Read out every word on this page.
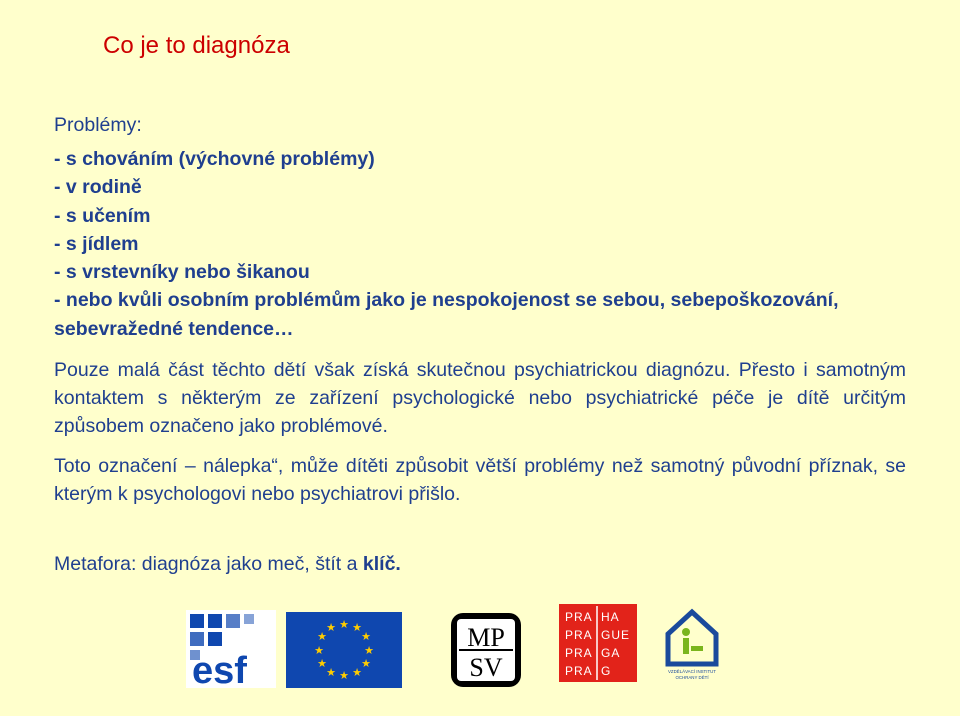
Co je to diagnóza
Problémy:
- s chováním (výchovné problémy)
- v rodině
- s učením
- s jídlem
- s vrstevníky nebo šikanou
- nebo kvůli osobním problémům jako je nespokojenost se sebou, sebepoškozování, sebevražedné tendence…

Pouze malá část těchto dětí však získá skutečnou psychiatrickou diagnózu. Přesto i samotným kontaktem s některým ze zařízení psychologické nebo psychiatrické péče je dítě určitým způsobem označeno jako problémové.

Toto označení – nálepka“, může dítěti způsobit větší problémy než samotný původní příznak, se kterým k psychologovi nebo psychiatrovi přišlo.

Metafora: diagnóza jako meč, štít a klíč.
esf
★ ★
★
★
★
★
★
★
★
★
★
★	MP
SV
PRA HA
PRA GUE
PRA GA
PRA G	VZDĚLÁVACÍ INSTITUT
OCHRANY DĚTÍ
